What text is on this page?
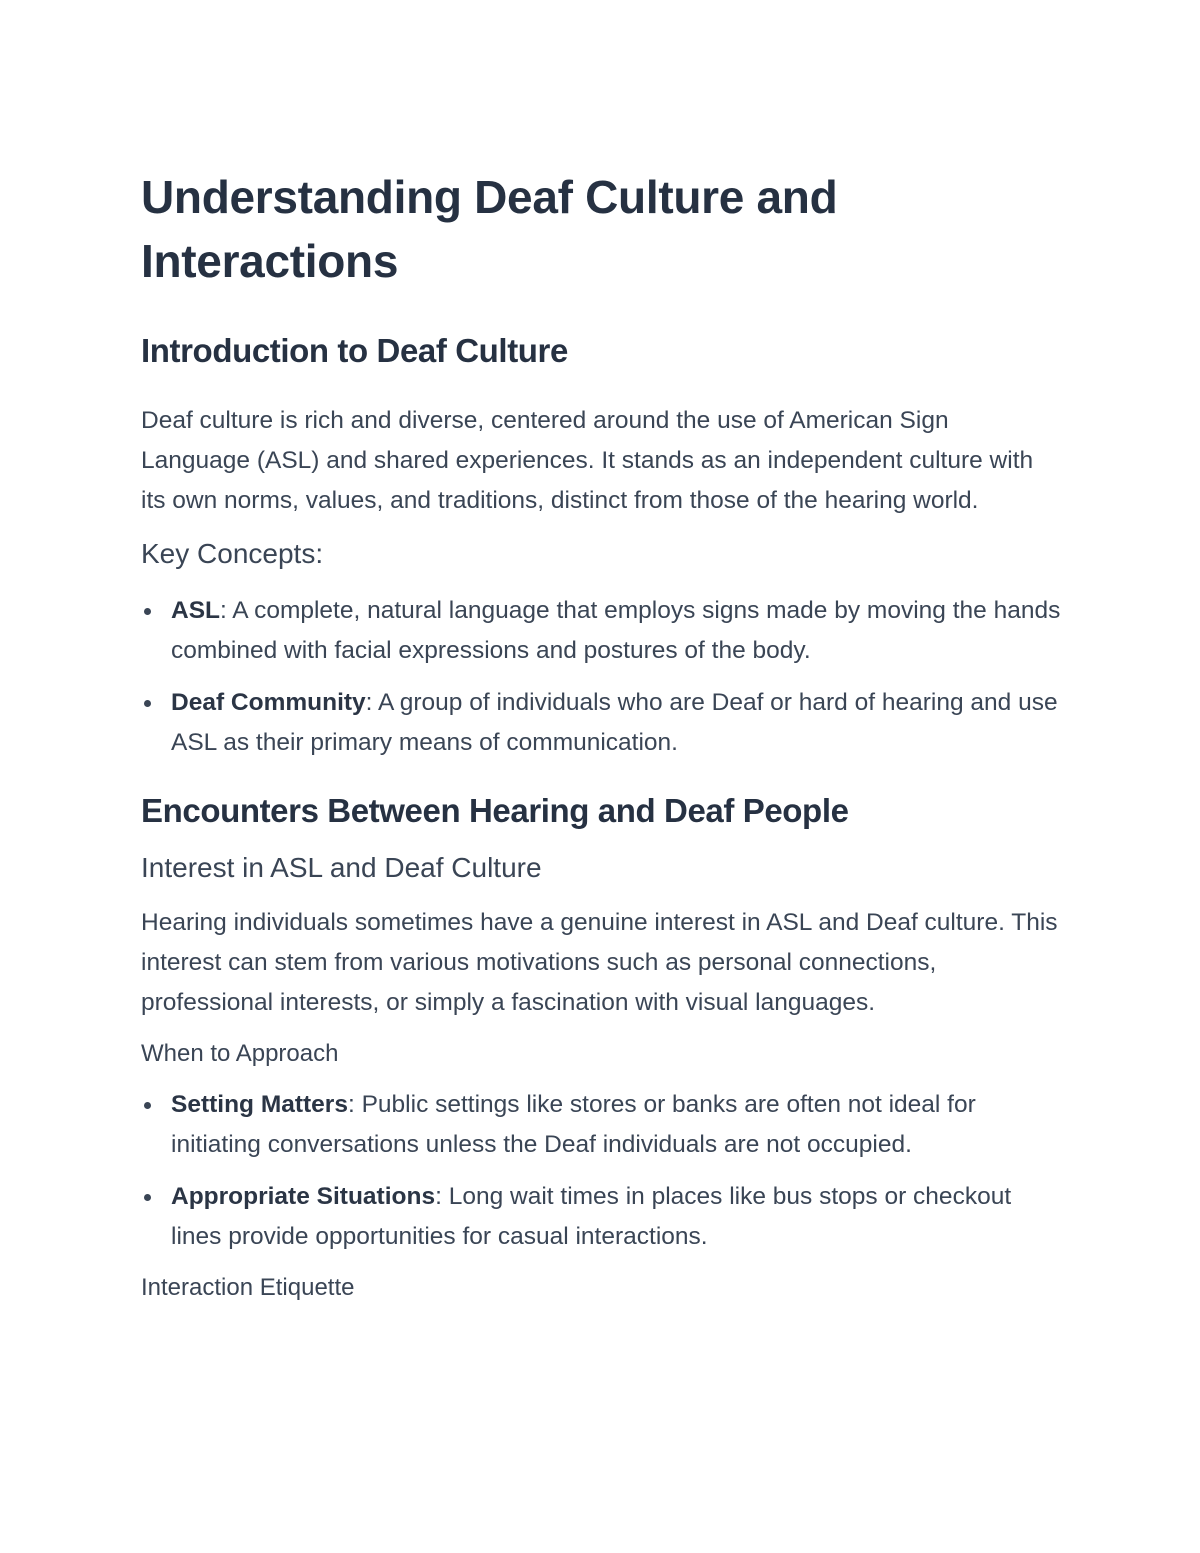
Understanding Deaf Culture and Interactions
Introduction to Deaf Culture

Deaf culture is rich and diverse, centered around the use of American Sign Language (ASL) and shared experiences. It stands as an independent culture with its own norms, values, and traditions, distinct from those of the hearing world.

Key Concepts:
ASL: A complete, natural language that employs signs made by moving the hands combined with facial expressions and postures of the body.
Deaf Community: A group of individuals who are Deaf or hard of hearing and use ASL as their primary means of communication.
Encounters Between Hearing and Deaf People
Interest in ASL and Deaf Culture

Hearing individuals sometimes have a genuine interest in ASL and Deaf culture. This interest can stem from various motivations such as personal connections, professional interests, or simply a fascination with visual languages.

When to Approach
Setting Matters: Public settings like stores or banks are often not ideal for initiating conversations unless the Deaf individuals are not occupied.
Appropriate Situations: Long wait times in places like bus stops or checkout lines provide opportunities for casual interactions.
Interaction Etiquette
